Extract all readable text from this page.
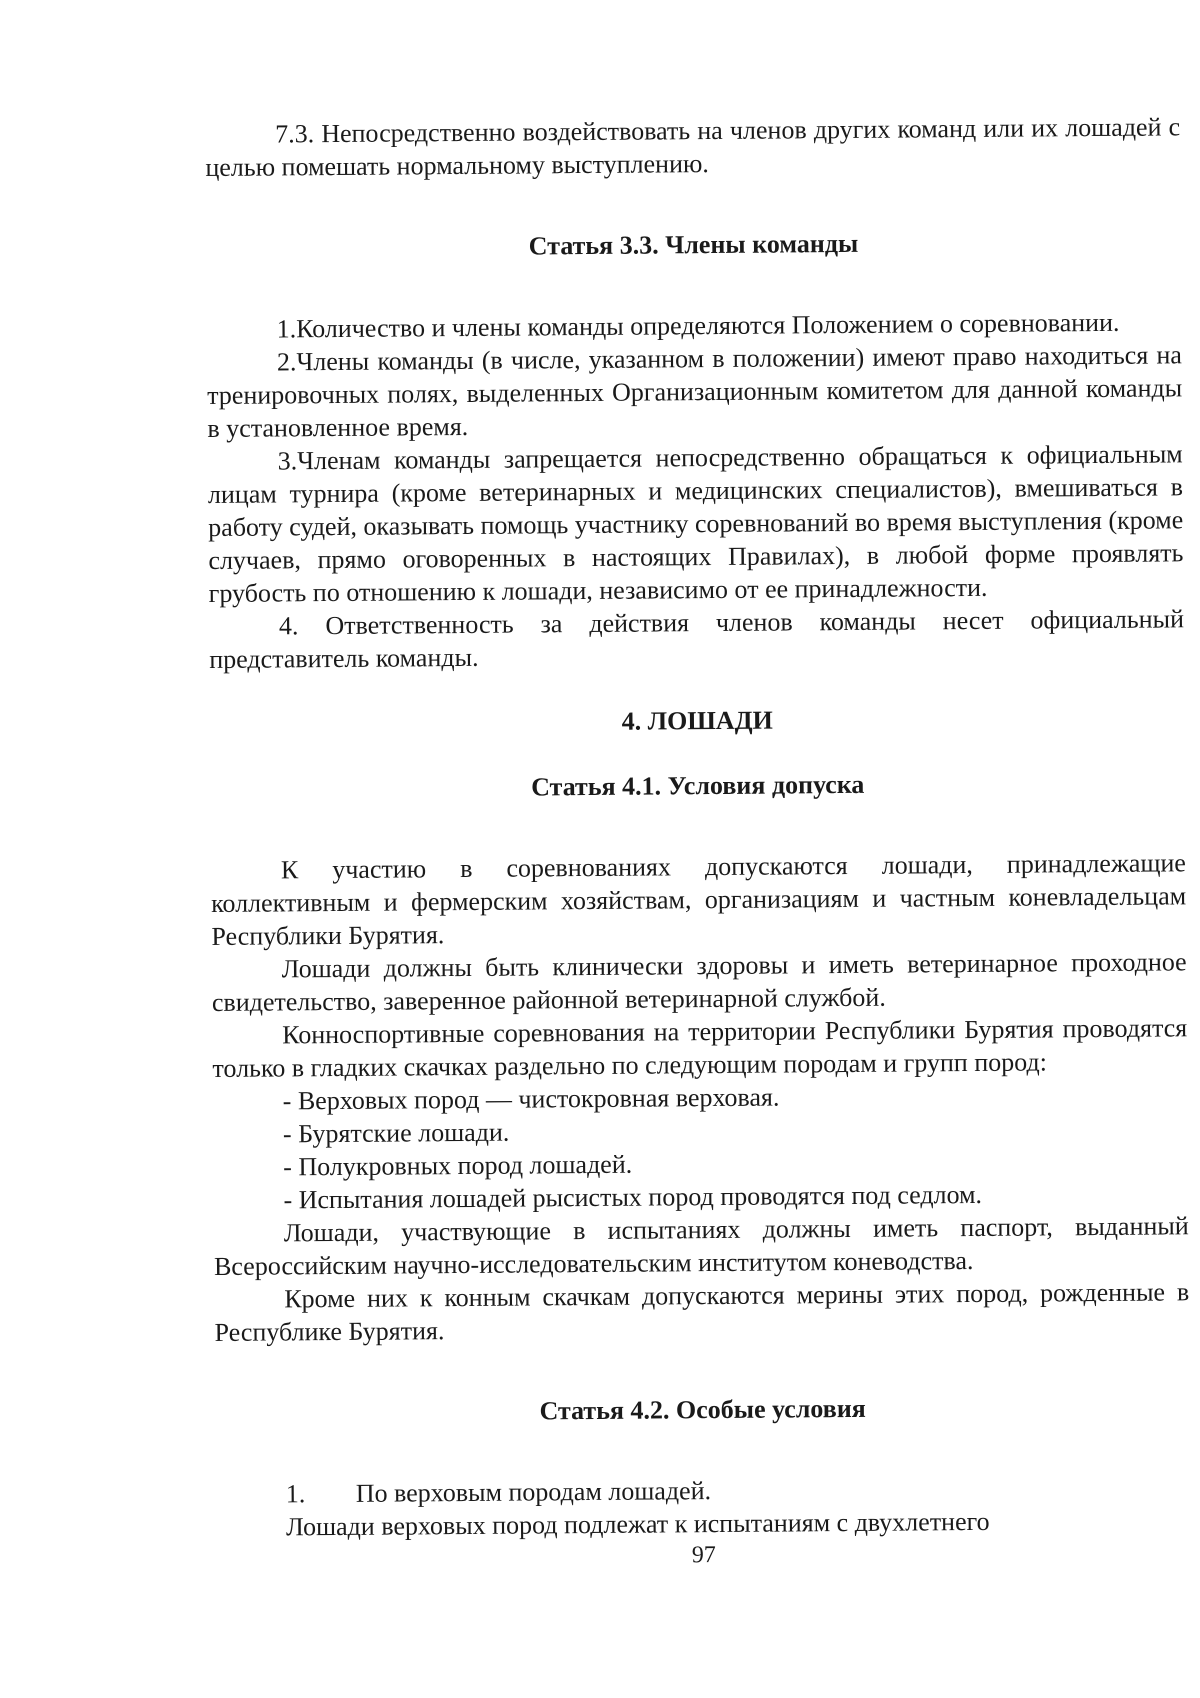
7.3. Непосредственно воздействовать на членов других команд или их лошадей с целью помешать нормальному выступлению.

Статья 3.3. Члены команды

1.Количество и члены команды определяются Положением о соревновании.

2.Члены команды (в числе, указанном в положении) имеют право находиться на тренировочных полях, выделенных Организационным комитетом для данной команды в установленное время.

3.Членам команды запрещается непосредственно обращаться к официальным лицам турнира (кроме ветеринарных и медицинских специалистов), вмешиваться в работу судей, оказывать помощь участнику соревнований во время выступления (кроме случаев, прямо оговоренных в настоящих Правилах), в любой форме проявлять грубость по отношению к лошади, независимо от ее принадлежности.

4. Ответственность за действия членов команды несет официальный представитель команды.

4. ЛОШАДИ
Статья 4.1. Условия допуска

К участию в соревнованиях допускаются лошади, принадлежащие коллективным и фермерским хозяйствам, организациям и частным коневладельцам Республики Бурятия.

Лошади должны быть клинически здоровы и иметь ветеринарное проходное свидетельство, заверенное районной ветеринарной службой.

Конноспортивные соревнования на территории Республики Бурятия проводятся только в гладких скачках раздельно по следующим породам и групп пород:

- Верховых пород — чистокровная верховая.

- Бурятские лошади.

- Полукровных пород лошадей.

- Испытания лошадей рысистых пород проводятся под седлом.

Лошади, участвующие в испытаниях должны иметь паспорт, выданный Всероссийским научно-исследовательским институтом коневодства.

Кроме них к конным скачкам допускаются мерины этих пород, рожденные в Республике Бурятия.

Статья 4.2. Особые условия
1.	По верховым породам лошадей.

Лошади верховых пород подлежат к испытаниям с двухлетнего

97
